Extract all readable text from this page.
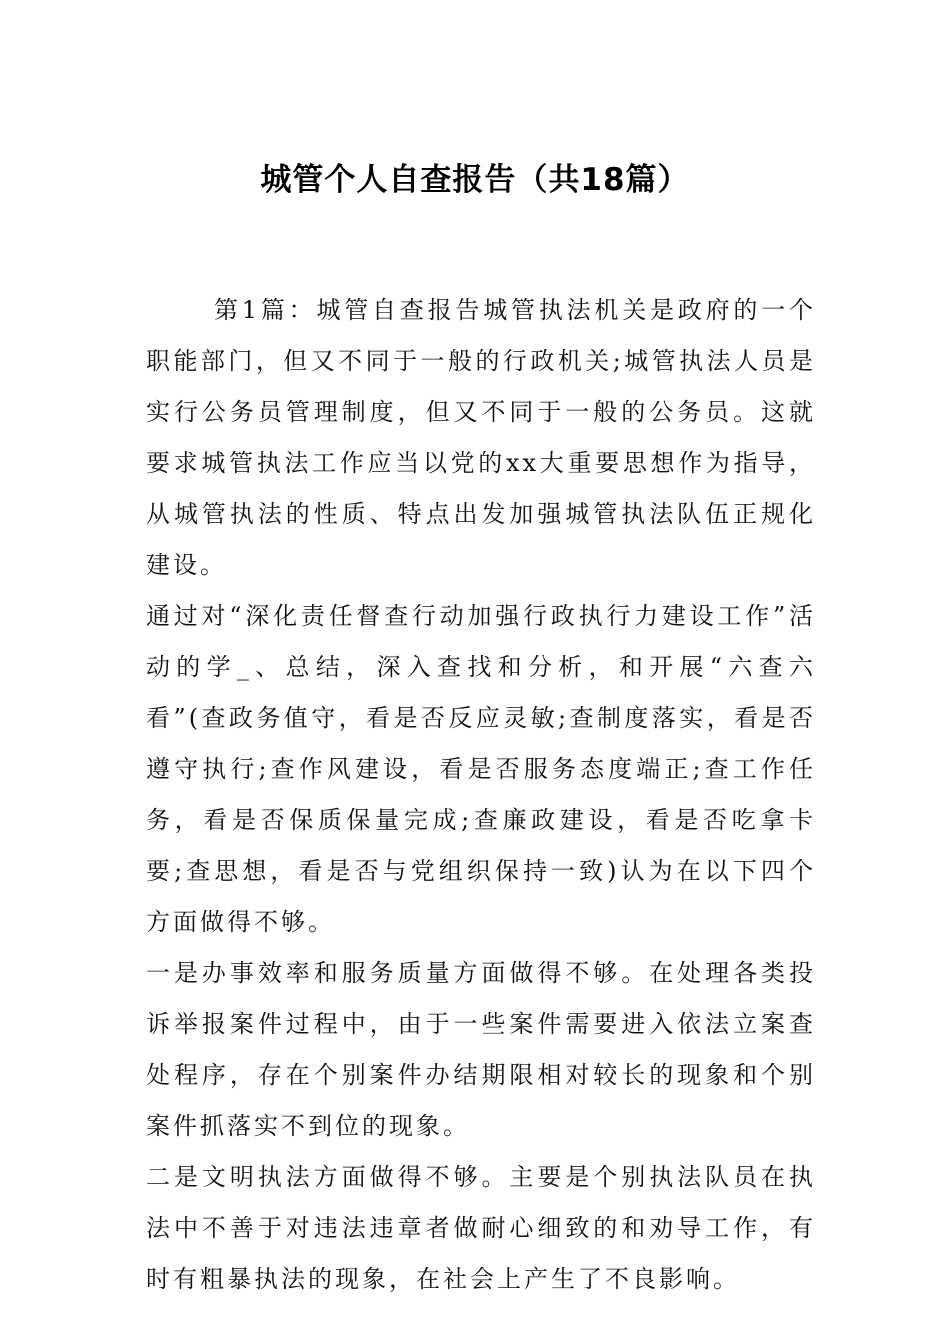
城管个人自查报告（共18篇）

第1篇：城管自查报告城管执法机关是政府的一个职能部门，但又不同于一般的行政机关;城管执法人员是实行公务员管理制度，但又不同于一般的公务员。这就要求城管执法工作应当以党的xx大重要思想作为指导，从城管执法的性质、特点出发加强城管执法队伍正规化建设。

通过对“深化责任督查行动加强行政执行力建设工作”活动的学_、总结，深入查找和分析，和开展“六查六看”(查政务值守，看是否反应灵敏;查制度落实，看是否遵守执行;查作风建设，看是否服务态度端正;查工作任务，看是否保质保量完成;查廉政建设，看是否吃拿卡要;查思想，看是否与党组织保持一致)认为在以下四个方面做得不够。

一是办事效率和服务质量方面做得不够。在处理各类投诉举报案件过程中，由于一些案件需要进入依法立案查处程序，存在个别案件办结期限相对较长的现象和个别案件抓落实不到位的现象。

二是文明执法方面做得不够。主要是个别执法队员在执法中不善于对违法违章者做耐心细致的和劝导工作，有时有粗暴执法的现象，在社会上产生了不良影响。
